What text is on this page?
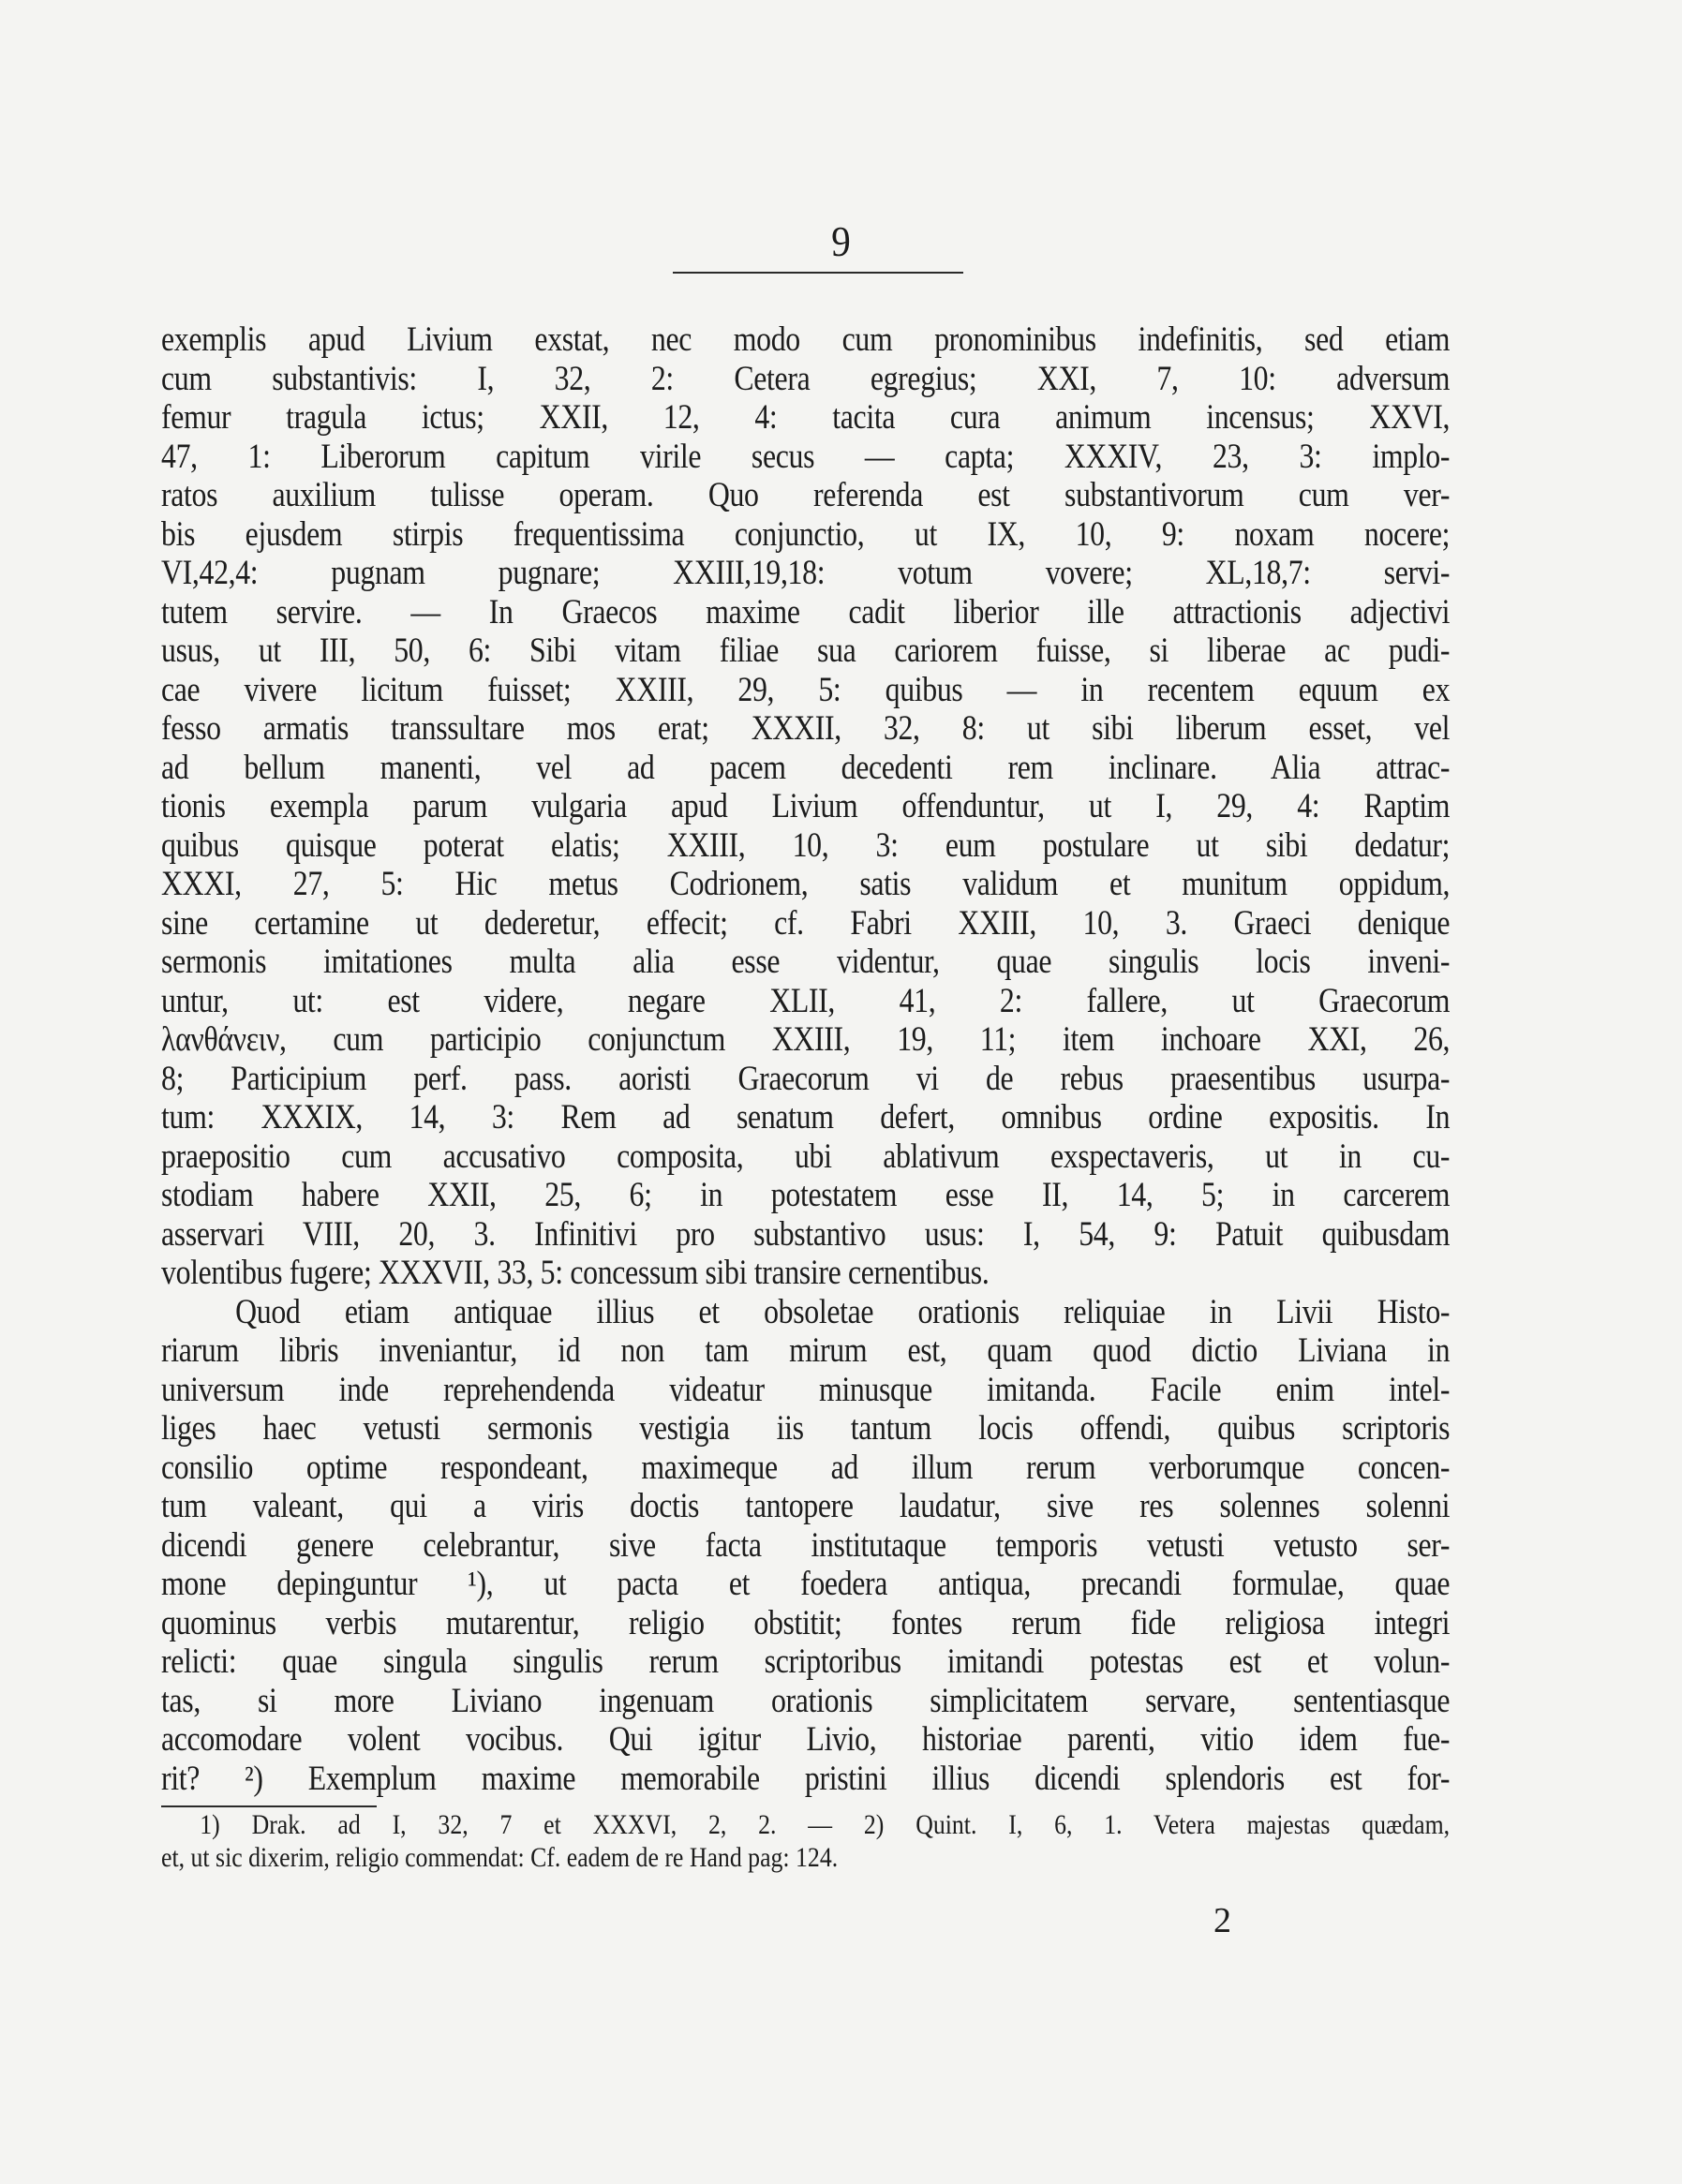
9
exemplis apud Livium exstat, nec modo cum pronominibus indefinitis, sed etiam
cum substantivis: I, 32, 2: Cetera egregius; XXI, 7, 10: adversum
femur tragula ictus; XXII, 12, 4: tacita cura animum incensus; XXVI,
47, 1: Liberorum capitum virile secus — capta; XXXIV, 23, 3: implo-
ratos auxilium tulisse operam. Quo referenda est substantivorum cum ver-
bis ejusdem stirpis frequentissima conjunctio, ut IX, 10, 9: noxam nocere;
VI,42,4: pugnam pugnare; XXIII,19,18: votum vovere; XL,18,7: servi-
tutem servire. — In Graecos maxime cadit liberior ille attractionis adjectivi
usus, ut III, 50, 6: Sibi vitam filiae sua cariorem fuisse, si liberae ac pudi-
cae vivere licitum fuisset; XXIII, 29, 5: quibus — in recentem equum ex
fesso armatis transsultare mos erat; XXXII, 32, 8: ut sibi liberum esset, vel
ad bellum manenti, vel ad pacem decedenti rem inclinare. Alia attrac-
tionis exempla parum vulgaria apud Livium offenduntur, ut I, 29, 4: Raptim
quibus quisque poterat elatis; XXIII, 10, 3: eum postulare ut sibi dedatur;
XXXI, 27, 5: Hic metus Codrionem, satis validum et munitum oppidum,
sine certamine ut dederetur, effecit; cf. Fabri XXIII, 10, 3. Graeci denique
sermonis imitationes multa alia esse videntur, quae singulis locis inveni-
untur, ut: est videre, negare XLII, 41, 2: fallere, ut Graecorum
λανθάνειν, cum participio conjunctum XXIII, 19, 11; item inchoare XXI, 26,
8; Participium perf. pass. aoristi Graecorum vi de rebus praesentibus usurpa-
tum: XXXIX, 14, 3: Rem ad senatum defert, omnibus ordine expositis. In
praepositio cum accusativo composita, ubi ablativum exspectaveris, ut in cu-
stodiam habere XXII, 25, 6; in potestatem esse II, 14, 5; in carcerem
asservari VIII, 20, 3. Infinitivi pro substantivo usus: I, 54, 9: Patuit quibusdam
volentibus fugere; XXXVII, 33, 5: concessum sibi transire cernentibus.
Quod etiam antiquae illius et obsoletae orationis reliquiae in Livii Histo-
riarum libris inveniantur, id non tam mirum est, quam quod dictio Liviana in
universum inde reprehendenda videatur minusque imitanda. Facile enim intel-
liges haec vetusti sermonis vestigia iis tantum locis offendi, quibus scriptoris
consilio optime respondeant, maximeque ad illum rerum verborumque concen-
tum valeant, qui a viris doctis tantopere laudatur, sive res solennes solenni
dicendi genere celebrantur, sive facta institutaque temporis vetusti vetusto ser-
mone depinguntur ¹), ut pacta et foedera antiqua, precandi formulae, quae
quominus verbis mutarentur, religio obstitit; fontes rerum fide religiosa integri
relicti: quae singula singulis rerum scriptoribus imitandi potestas est et volun-
tas, si more Liviano ingenuam orationis simplicitatem servare, sententiasque
accomodare volent vocibus. Qui igitur Livio, historiae parenti, vitio idem fue-
rit? ²) Exemplum maxime memorabile pristini illius dicendi splendoris est for-
1) Drak. ad I, 32, 7 et XXXVI, 2, 2. — 2) Quint. I, 6, 1. Vetera majestas quædam,
et, ut sic dixerim, religio commendat: Cf. eadem de re Hand pag: 124.
2
